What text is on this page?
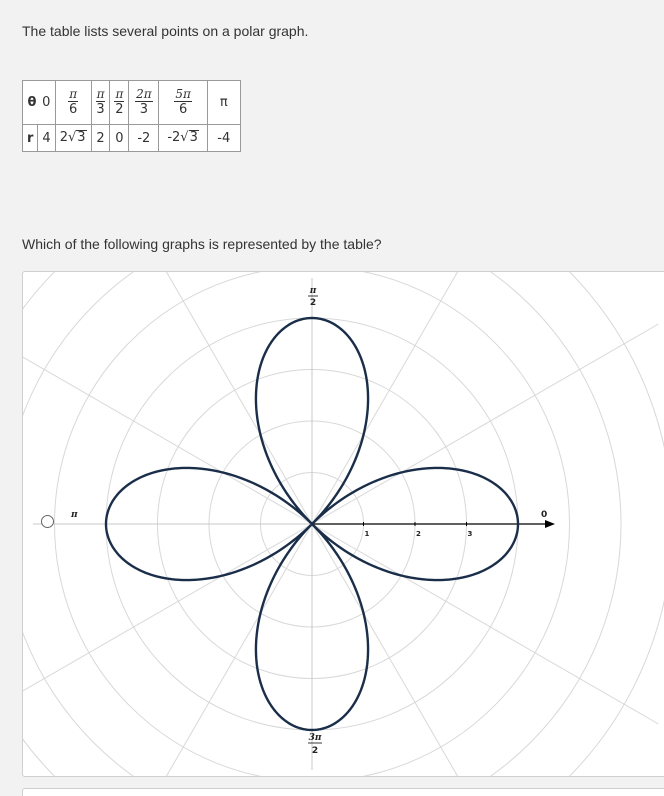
The table lists several points on a polar graph.
θ	0	$\frac{\pi}{6}$	$\frac{\pi}{3}$	$\frac{\pi}{2}$	$\frac{2\pi}{3}$	$\frac{5\pi}{6}$	π
r	4	2√3	2	0	-2	-2√3	-4
Which of the following graphs is represented by the table?
1	2	3
π
2
3π
2
π	0
